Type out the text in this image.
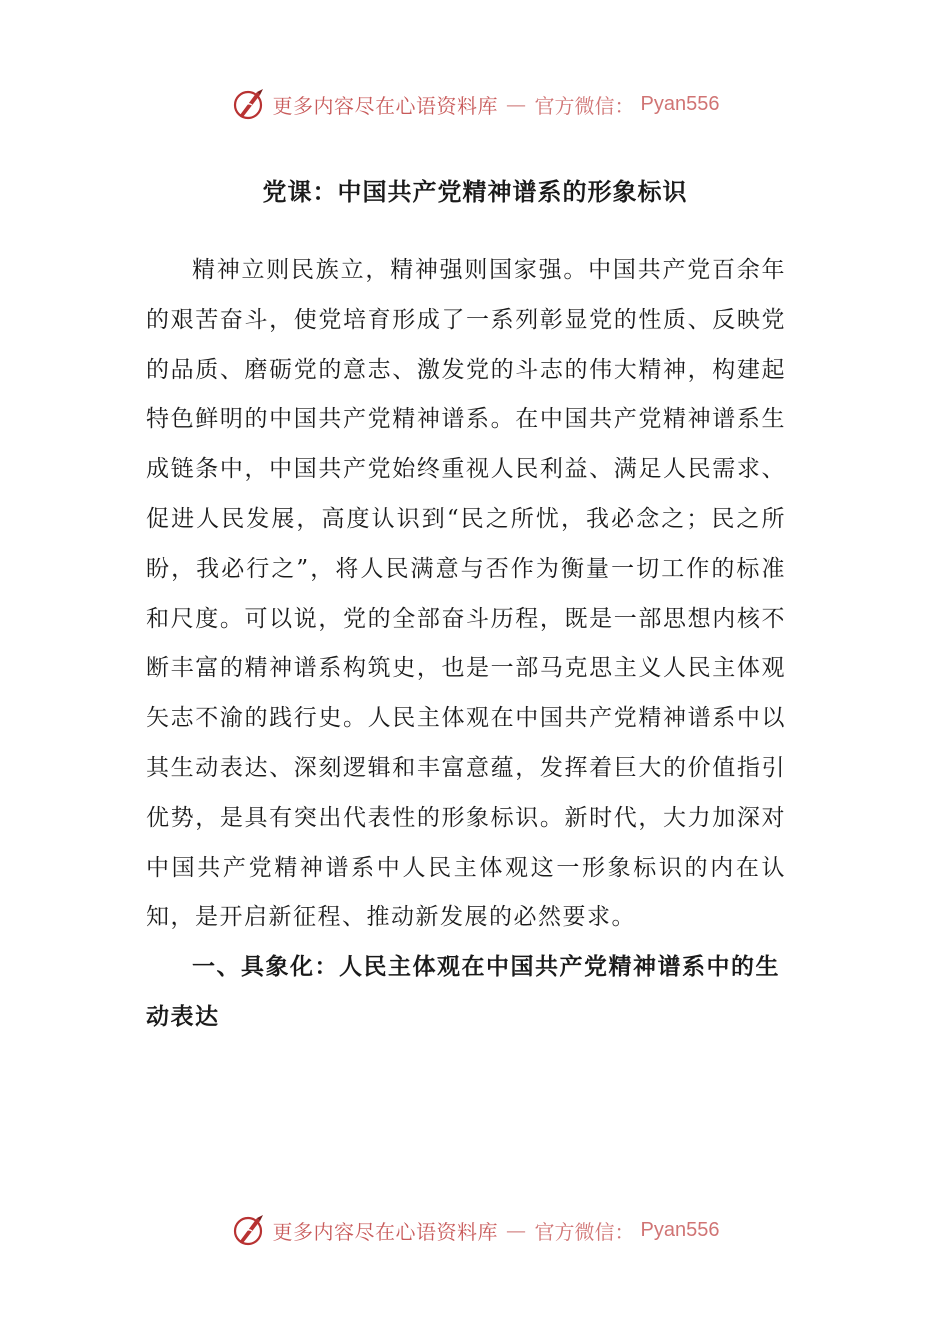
更多内容尽在心语资料库 — 官方微信： Pyan556
党课：中国共产党精神谱系的形象标识

精神立则民族立，精神强则国家强。中国共产党百余年的艰苦奋斗，使党培育形成了一系列彰显党的性质、反映党的品质、磨砺党的意志、激发党的斗志的伟大精神，构建起特色鲜明的中国共产党精神谱系。在中国共产党精神谱系生成链条中，中国共产党始终重视人民利益、满足人民需求、促进人民发展，高度认识到“民之所忧，我必念之；民之所盼，我必行之”，将人民满意与否作为衡量一切工作的标准和尺度。可以说，党的全部奋斗历程，既是一部思想内核不断丰富的精神谱系构筑史，也是一部马克思主义人民主体观矢志不渝的践行史。人民主体观在中国共产党精神谱系中以其生动表达、深刻逻辑和丰富意蕴，发挥着巨大的价值指引优势，是具有突出代表性的形象标识。新时代，大力加深对中国共产党精神谱系中人民主体观这一形象标识的内在认知，是开启新征程、推动新发展的必然要求。

一、具象化：人民主体观在中国共产党精神谱系中的生动表达

更多内容尽在心语资料库 — 官方微信： Pyan556
